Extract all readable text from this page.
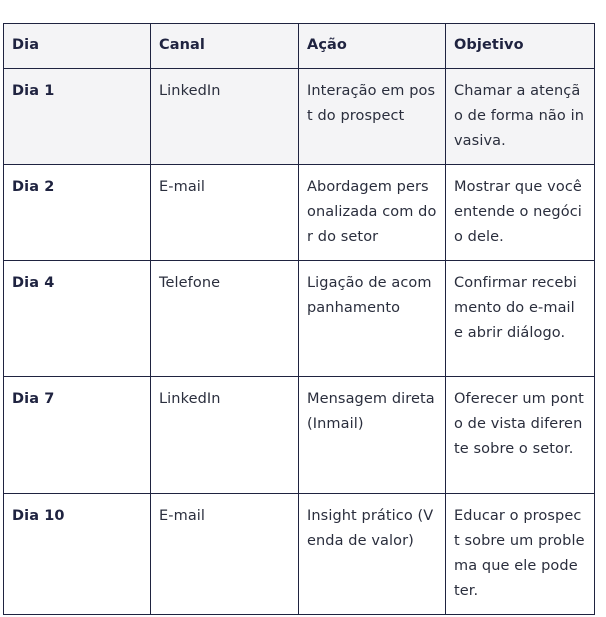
Dia	Canal	Ação	Objetivo
Dia 1	LinkedIn	Interação em post do prospect	Chamar a atenção de forma não invasiva.
Dia 2	E-mail	Abordagem personalizada com dor do setor	Mostrar que você entende o negócio dele.
Dia 4	Telefone	Ligação de acompanhamento	Confirmar recebimento do e-mail e abrir diálogo.
Dia 7	LinkedIn	Mensagem direta (Inmail)	Oferecer um ponto de vista diferente sobre o setor.
Dia 10	E-mail	Insight prático (Venda de valor)	Educar o prospect sobre um problema que ele pode ter.
